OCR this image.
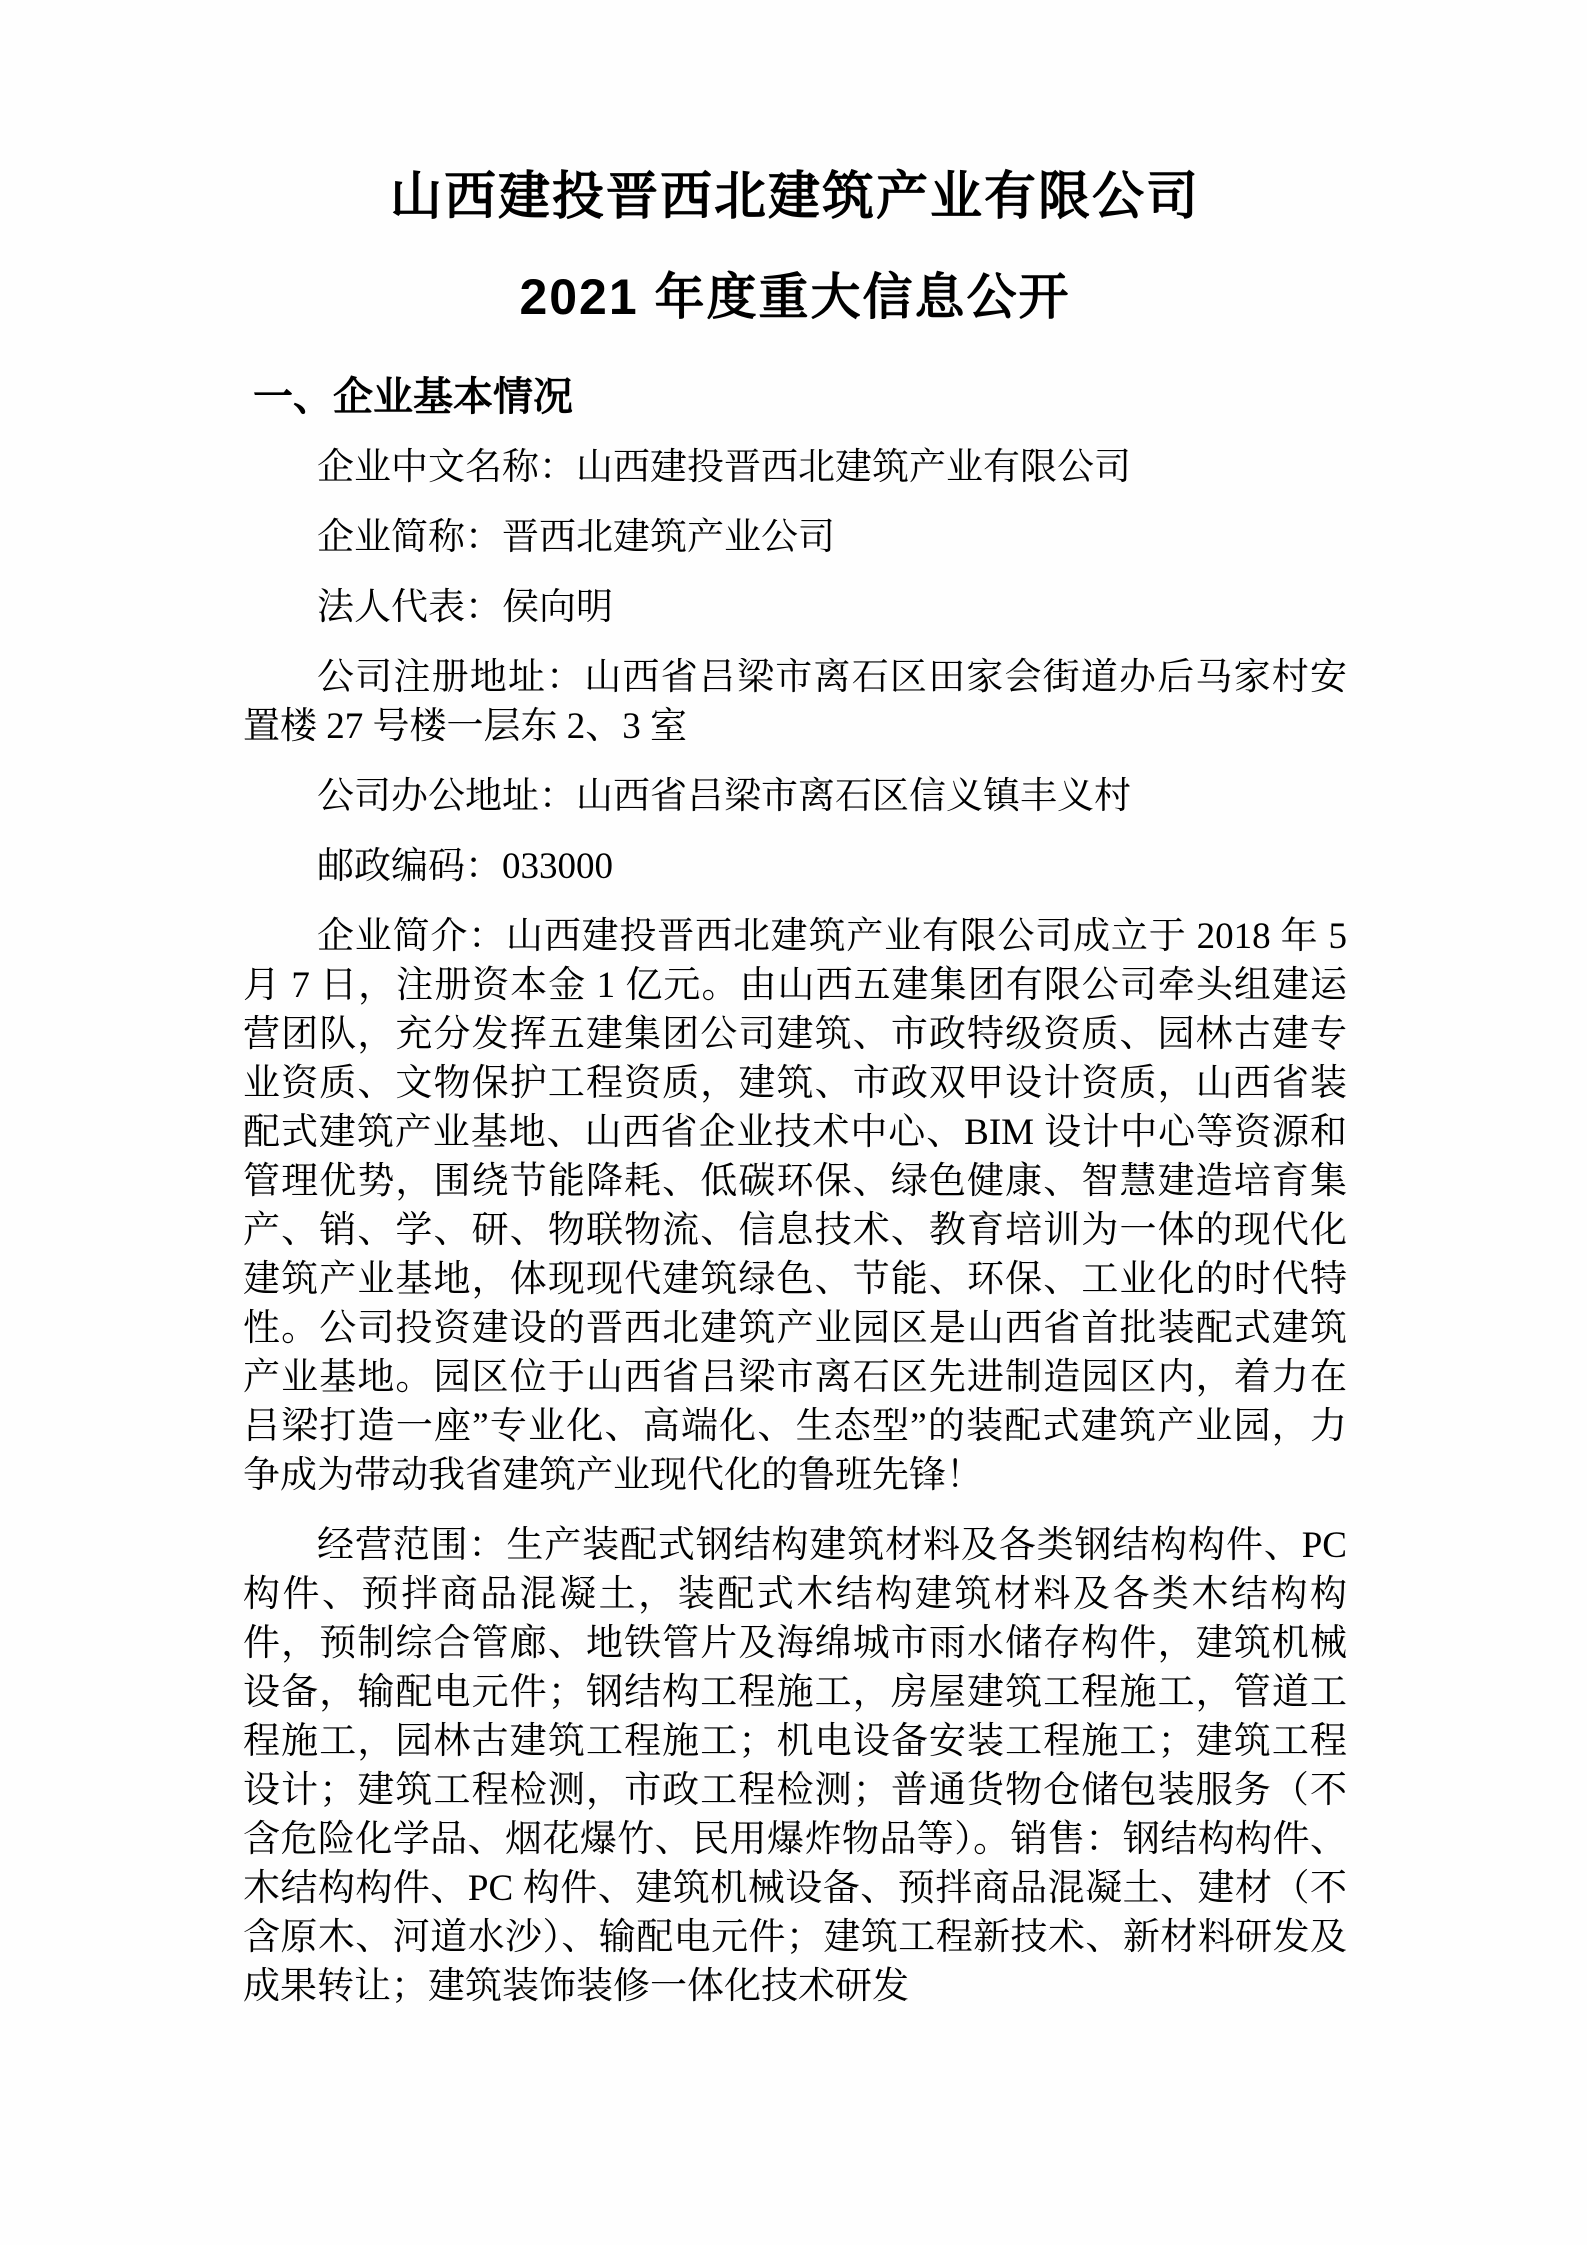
山西建投晋西北建筑产业有限公司
2021 年度重大信息公开
一、企业基本情况

企业中文名称：山西建投晋西北建筑产业有限公司

企业简称：晋西北建筑产业公司

法人代表：侯向明

公司注册地址：山西省吕梁市离石区田家会街道办后马家村安置楼 27 号楼一层东 2、3 室

公司办公地址：山西省吕梁市离石区信义镇丰义村

邮政编码：033000

企业简介：山西建投晋西北建筑产业有限公司成立于 2018 年 5 月 7 日，注册资本金 1 亿元。由山西五建集团有限公司牵头组建运营团队，充分发挥五建集团公司建筑、市政特级资质、园林古建专业资质、文物保护工程资质，建筑、市政双甲设计资质，山西省装配式建筑产业基地、山西省企业技术中心、BIM 设计中心等资源和管理优势，围绕节能降耗、低碳环保、绿色健康、智慧建造培育集产、销、学、研、物联物流、信息技术、教育培训为一体的现代化建筑产业基地，体现现代建筑绿色、节能、环保、工业化的时代特性。公司投资建设的晋西北建筑产业园区是山西省首批装配式建筑产业基地。园区位于山西省吕梁市离石区先进制造园区内，着力在吕梁打造一座”专业化、高端化、生态型”的装配式建筑产业园，力争成为带动我省建筑产业现代化的鲁班先锋！

经营范围：生产装配式钢结构建筑材料及各类钢结构构件、PC 构件、预拌商品混凝土，装配式木结构建筑材料及各类木结构构件，预制综合管廊、地铁管片及海绵城市雨水储存构件，建筑机械设备，输配电元件；钢结构工程施工，房屋建筑工程施工，管道工程施工，园林古建筑工程施工；机电设备安装工程施工；建筑工程设计；建筑工程检测，市政工程检测；普通货物仓储包装服务（不含危险化学品、烟花爆竹、民用爆炸物品等）。销售：钢结构构件、木结构构件、PC 构件、建筑机械设备、预拌商品混凝土、建材（不含原木、河道水沙）、输配电元件；建筑工程新技术、新材料研发及成果转让；建筑装饰装修一体化技术研发
